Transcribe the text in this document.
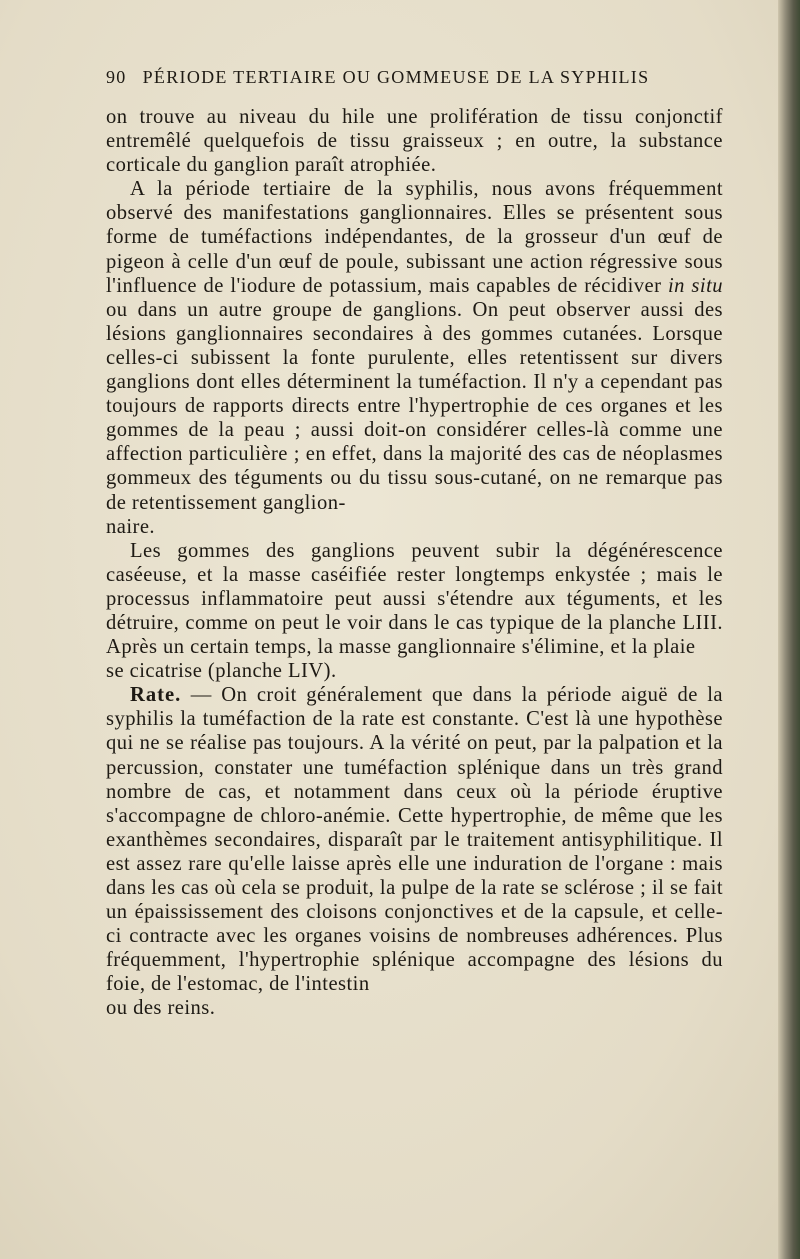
90 PÉRIODE TERTIAIRE OU GOMMEUSE DE LA SYPHILIS

on trouve au niveau du hile une prolifération de tissu conjonctif entremêlé quelquefois de tissu graisseux ; en outre, la substance corticale du ganglion paraît atrophiée.

A la période tertiaire de la syphilis, nous avons fréquemment observé des manifestations ganglionnaires. Elles se présentent sous forme de tuméfactions indépendantes, de la grosseur d'un œuf de pigeon à celle d'un œuf de poule, subissant une action régressive sous l'influence de l'iodure de potassium, mais capables de récidiver in situ ou dans un autre groupe de ganglions. On peut observer aussi des lésions ganglionnaires secondaires à des gommes cutanées. Lorsque celles-ci subissent la fonte purulente, elles retentissent sur divers ganglions dont elles déterminent la tuméfaction. Il n'y a cependant pas toujours de rapports directs entre l'hypertrophie de ces organes et les gommes de la peau ; aussi doit-on considérer celles-là comme une affection particulière ; en effet, dans la majorité des cas de néoplasmes gommeux des téguments ou du tissu sous-cutané, on ne remarque pas de retentissement ganglion-

naire.

Les gommes des ganglions peuvent subir la dégénérescence caséeuse, et la masse caséifiée rester longtemps enkystée ; mais le processus inflammatoire peut aussi s'étendre aux téguments, et les détruire, comme on peut le voir dans le cas typique de la planche LIII. Après un certain temps, la masse ganglionnaire s'élimine, et la plaie

se cicatrise (planche LIV).

Rate. — On croit généralement que dans la période aiguë de la syphilis la tuméfaction de la rate est constante. C'est là une hypothèse qui ne se réalise pas toujours. A la vérité on peut, par la palpation et la percussion, constater une tuméfaction splénique dans un très grand nombre de cas, et notamment dans ceux où la période éruptive s'accompagne de chloro-anémie. Cette hypertrophie, de même que les exanthèmes secondaires, disparaît par le traitement antisyphilitique. Il est assez rare qu'elle laisse après elle une induration de l'organe : mais dans les cas où cela se produit, la pulpe de la rate se sclérose ; il se fait un épaississement des cloisons conjonctives et de la capsule, et celle-ci contracte avec les organes voisins de nombreuses adhérences. Plus fréquemment, l'hypertrophie splénique accompagne des lésions du foie, de l'estomac, de l'intestin

ou des reins.
